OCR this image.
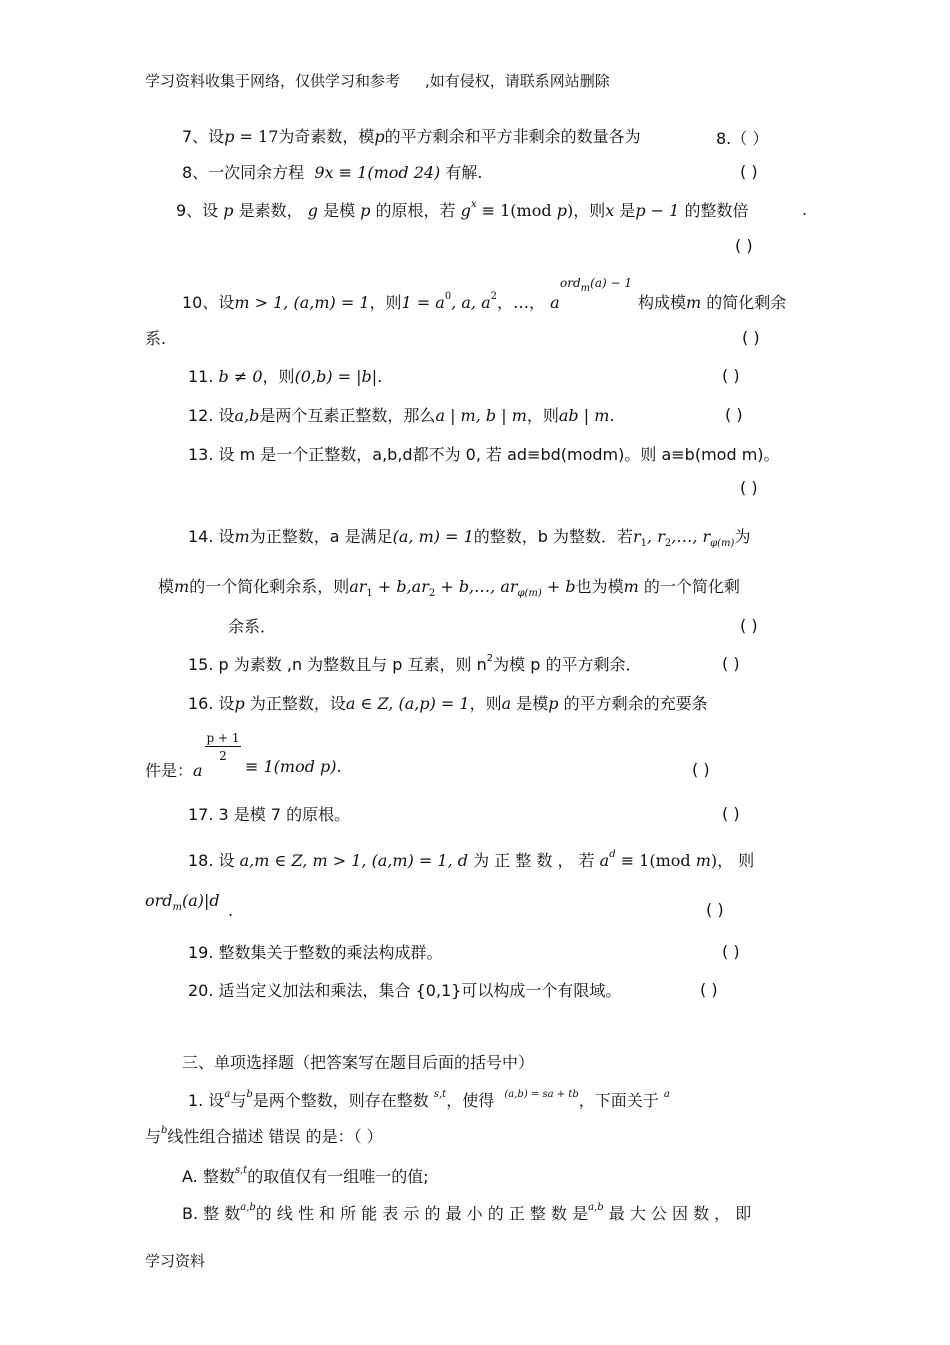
学习资料收集于网络，仅供学习和参考 ,如有侵权，请联系网站删除
7、设p = 17为奇素数，模p的平方剩余和平方非剩余的数量各为	8.（ ）
8、一次同余方程 9x ≡ 1(mod 24) 有解.	( )
9、设 p 是素数， g 是模 p 的原根，若 $g^x \equiv 1(mod$ p)，则x 是p − 1 的整数倍	.
( )
ord$_m$(a) − 1
10、设m > 1, (a,m) = 1，则$1 = a^0$, a, $a^2$，…， a	构成模m 的简化剩余
系.	( )
11. b ≠ 0，则(0,b) = |b|.	( )
12. 设a,b是两个互素正整数，那么a | m, b | m，则ab | m.	( )
13. 设 m 是一个正整数，a,b,d都不为 0, 若 ad≡bd(modm)。则 a≡b(mod m)。
( )
14. 设m为正整数，a 是满足(a, m) = 1的整数，b 为整数．若$r_1$, $r_2,\dots$, $r_{\varphi(m)}$为
模m的一个简化剩余系，则$ar_1 + b,ar_2$ + b,…, $ar_{\varphi(m)} + b$也为模m 的一个简化剩
余系．	( )
15. p 为素数 ,n 为整数且与 p 互素，则 $n^2$为模 p 的平方剩余．	( )
16. 设p 为正整数，设a ∈ Z, (a,p) = 1，则a 是模p 的平方剩余的充要条
p + 1
2
件是：a	≡ 1(mod p).	( )
17. 3 是模 7 的原根。	( )
18. 设 a,m ∈ Z, m > 1, (a,m) = 1, d 为 正 整 数 ， 若 $a^d \equiv 1(mod$ m)， 则
ord$_m$(a)|d
.	( )
19. 整数集关于整数的乘法构成群。	( )
20. 适当定义加法和乘法，集合 {0,1}可以构成一个有限域。	( )
三、单项选择题（把答案写在题目后面的括号中）
1. 设$^a$与$^b$是两个整数，则存在整数 $^{s,t}$，使得 $^{(a,b) = sa + tb}$，下面关于 $^a$
与$^b$线性组合描述 错误 的是：（ ）
A. 整数$^{s,t}$的取值仅有一组唯一的值;
B. 整 数$^{a,b}$的 线 性 和 所 能 表 示 的 最 小 的 正 整 数 是$^{a,b}$ 最 大 公 因 数 ， 即
学习资料
